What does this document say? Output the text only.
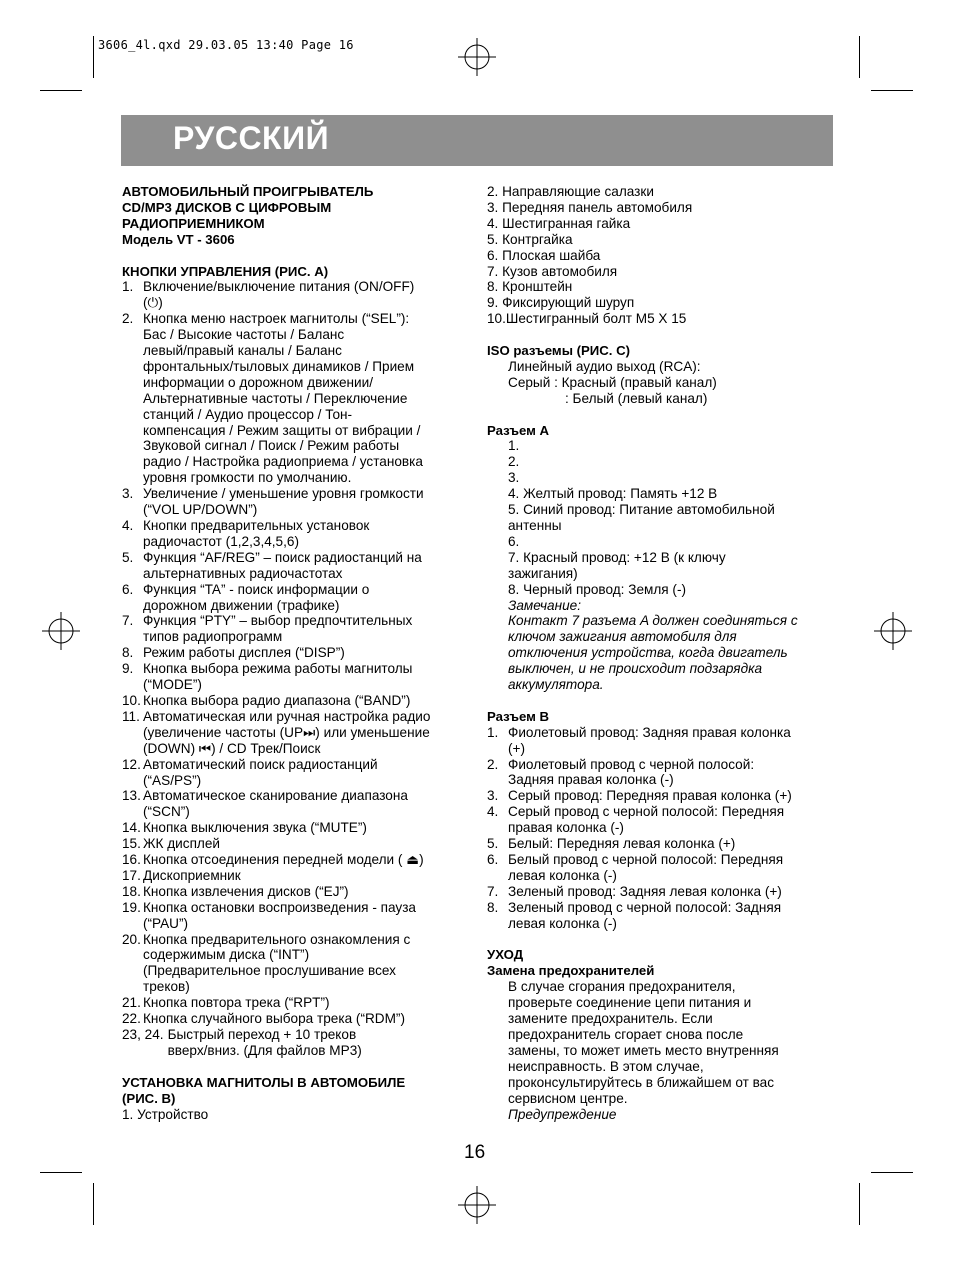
3606_4l.qxd 29.03.05 13:40 Page 16
РУССКИЙ
АВТОМОБИЛЬНЫЙ ПРОИГРЫВАТЕЛЬ
CD/MP3 ДИСКОВ С ЦИФРОВЫМ
РАДИОПРИЕМНИКОМ
Модель VT - 3606
КНОПКИ УПРАВЛЕНИЯ (РИС. А)
1. Включение/выключение питания (ON/OFF)
(⏻)
2. Кнопка меню настроек магнитолы (“SEL”):
Бас / Высокие частоты / Баланс
левый/правый каналы / Баланс
фронтальных/тыловых динамиков / Прием
информации о дорожном движении/
Альтернативные частоты / Переключение
станций / Аудио процессор / Тон-
компенсация / Режим защиты от вибрации /
Звуковой сигнал / Поиск / Режим работы
радио / Настройка радиоприема / установка
уровня громкости по умолчанию.
3. Увеличение / уменьшение уровня громкости
(“VOL UP/DOWN”)
4. Кнопки предварительных установок
радиочастот (1,2,3,4,5,6)
5. Функция “AF/REG” – поиск радиостанций на
альтернативных радиочастотах
6. Функция “TA” - поиск информации о
дорожном движении (трафике)
7. Функция “PTY” – выбор предпочтительных
типов радиопрограмм
8. Режим работы дисплея (“DISP”)
9. Кнопка выбора режима работы магнитолы
(“MODE”)
10. Кнопка выбора радио диапазона (“BAND”)
11. Автоматическая или ручная настройка радио
(увеличение частоты (UP⏭) или уменьшение
(DOWN) ⏮) / CD Трек/Поиск
12. Автоматический поиск радиостанций
(“AS/PS”)
13. Автоматическое сканирование диапазона
(“SCN”)
14. Кнопка выключения звука (“MUTE”)
15. ЖК дисплей
16. Кнопка отсоединения передней модели ( ⏏)
17. Дископриемник
18. Кнопка извлечения дисков (“EJ”)
19. Кнопка остановки воспроизведения - пауза
(“PAU”)
20. Кнопка предварительного ознакомления с
содержимым диска (“INT”)
(Предварительное прослушивание всех
треков)
21. Кнопка повтора трека (“RPT”)
22. Кнопка случайного выбора трека (“RDM”)
23, 24. Быстрый переход + 10 треков
вверх/вниз. (Для файлов MP3)
УСТАНОВКА МАГНИТОЛЫ В АВТОМОБИЛЕ
(РИС. B)
1. Устройство
2. Направляющие салазки
3. Передняя панель автомобиля
4. Шестигранная гайка
5. Контргайка
6. Плоская шайба
7. Кузов автомобиля
8. Кронштейн
9. Фиксирующий шуруп
10.Шестигранный болт M5 X 15
ISO разъемы (РИС. C)
Линейный аудио выход (RCA):
Серый : Красный (правый канал)
: Белый (левый канал)
Разъем A
1.
2.
3.
4. Желтый провод: Память +12 В
5. Синий провод: Питание автомобильной
антенны
6.
7. Красный провод: +12 В (к ключу
зажигания)
8. Черный провод: Земля (-)
Замечание:
Контакт 7 разъема A должен соединяться с
ключом зажигания автомобиля для
отключения устройства, когда двигатель
выключен, и не происходит подзарядка
аккумулятора.
Разъем B
1. Фиолетовый провод: Задняя правая колонка
(+)
2. Фиолетовый провод с черной полосой:
Задняя правая колонка (-)
3. Серый провод: Передняя правая колонка (+)
4. Серый провод с черной полосой: Передняя
правая колонка (-)
5. Белый: Передняя левая колонка (+)
6. Белый провод с черной полосой: Передняя
левая колонка (-)
7. Зеленый провод: Задняя левая колонка (+)
8. Зеленый провод с черной полосой: Задняя
левая колонка (-)
УХОД
Замена предохранителей
В случае сгорания предохранителя,
проверьте соединение цепи питания и
замените предохранитель. Если
предохранитель сгорает снова после
замены, то может иметь место внутренняя
неисправность. В этом случае,
проконсультируйтесь в ближайшем от вас
сервисном центре.
Предупреждение
16
